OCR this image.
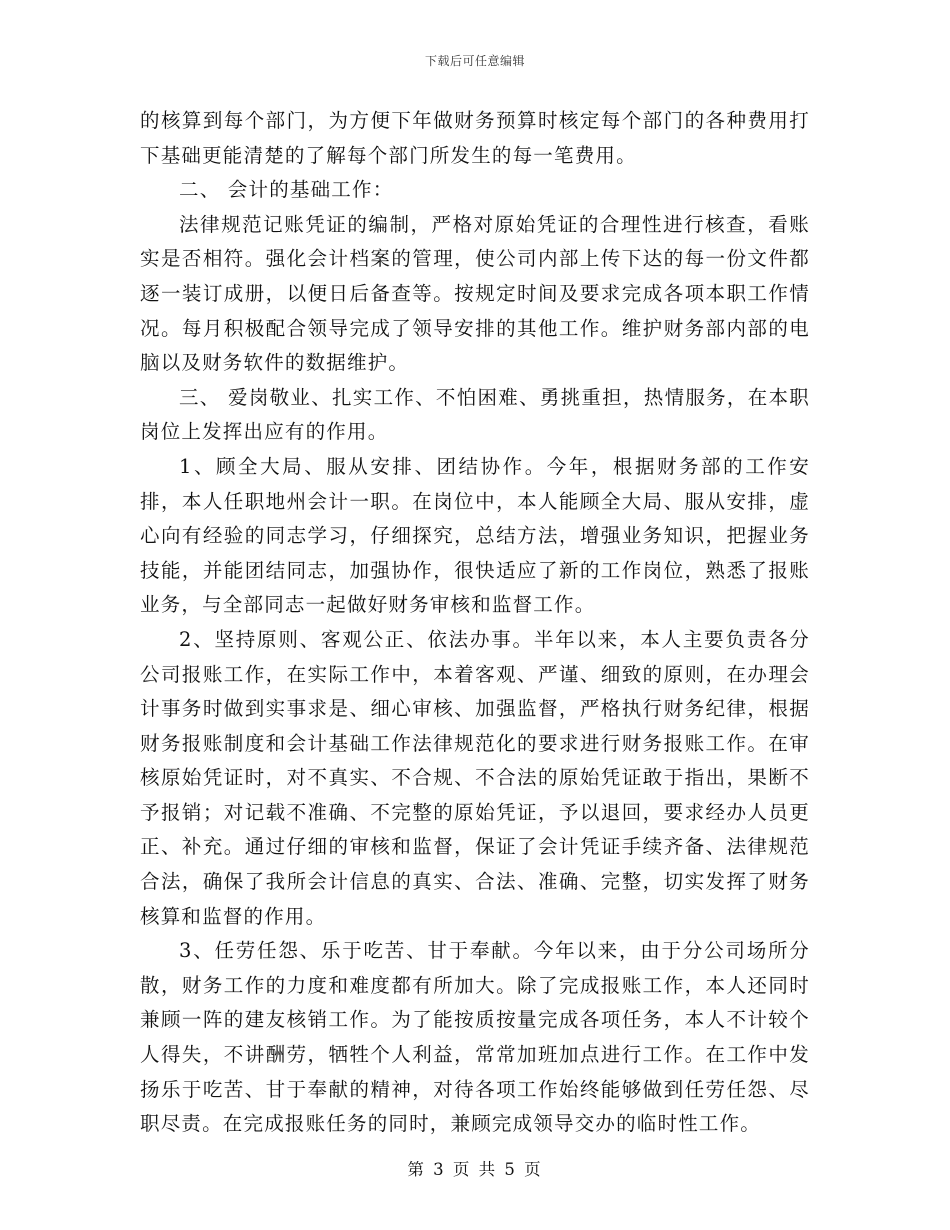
下载后可任意编辑

的核算到每个部门，为方便下年做财务预算时核定每个部门的各种费用打下基础更能清楚的了解每个部门所发生的每一笔费用。

二、 会计的基础工作：

法律规范记账凭证的编制，严格对原始凭证的合理性进行核查，看账实是否相符。强化会计档案的管理，使公司内部上传下达的每一份文件都逐一装订成册，以便日后备查等。按规定时间及要求完成各项本职工作情况。每月积极配合领导完成了领导安排的其他工作。维护财务部内部的电脑以及财务软件的数据维护。

三、 爱岗敬业、扎实工作、不怕困难、勇挑重担，热情服务，在本职岗位上发挥出应有的作用。

1、顾全大局、服从安排、团结协作。今年，根据财务部的工作安排，本人任职地州会计一职。在岗位中，本人能顾全大局、服从安排，虚心向有经验的同志学习，仔细探究，总结方法，增强业务知识，把握业务技能，并能团结同志，加强协作，很快适应了新的工作岗位，熟悉了报账业务，与全部同志一起做好财务审核和监督工作。

2、坚持原则、客观公正、依法办事。半年以来，本人主要负责各分公司报账工作，在实际工作中，本着客观、严谨、细致的原则，在办理会计事务时做到实事求是、细心审核、加强监督，严格执行财务纪律，根据财务报账制度和会计基础工作法律规范化的要求进行财务报账工作。在审核原始凭证时，对不真实、不合规、不合法的原始凭证敢于指出，果断不予报销；对记载不准确、不完整的原始凭证，予以退回，要求经办人员更正、补充。通过仔细的审核和监督，保证了会计凭证手续齐备、法律规范合法，确保了我所会计信息的真实、合法、准确、完整，切实发挥了财务核算和监督的作用。

3、任劳任怨、乐于吃苦、甘于奉献。今年以来，由于分公司场所分散，财务工作的力度和难度都有所加大。除了完成报账工作，本人还同时兼顾一阵的建友核销工作。为了能按质按量完成各项任务，本人不计较个人得失，不讲酬劳，牺牲个人利益，常常加班加点进行工作。在工作中发扬乐于吃苦、甘于奉献的精神，对待各项工作始终能够做到任劳任怨、尽职尽责。在完成报账任务的同时，兼顾完成领导交办的临时性工作。

第 3 页 共 5 页
